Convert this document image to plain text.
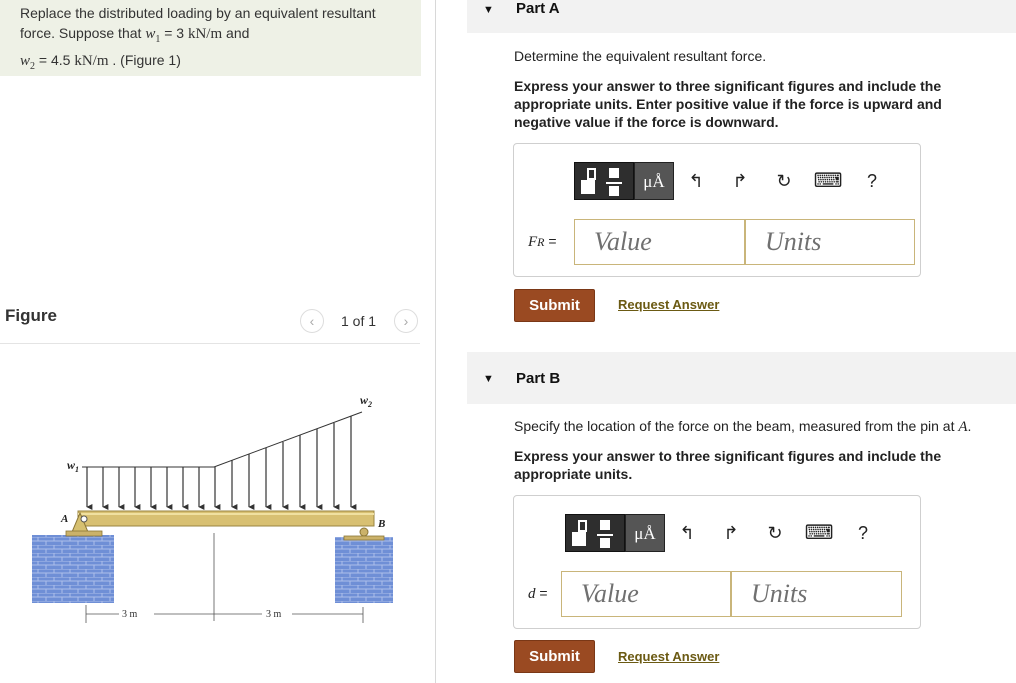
Replace the distributed loading by an equivalent resultant
force. Suppose that $w_1 = 3$ kN/m and
$w_2 = 4.5$ kN/m . (Figure 1)
Figure	‹	1 of 1	›
$w_1$
$w_2$
A	B
3 m	3 m
▼ Part A
Determine the equivalent resultant force.
Express your answer to three significant figures and include the appropriate units. Enter positive value if the force is upward and negative value if the force is downward.
μÅ	↰	↱	↻	⌨	?
FR =
Value
Units
Submit	Request Answer
▼ Part B
Specify the location of the force on the beam, measured from the pin at A.
Express your answer to three significant figures and include the appropriate units.
μÅ	↰	↱	↻	⌨	?
d =
Value
Units
Submit	Request Answer
